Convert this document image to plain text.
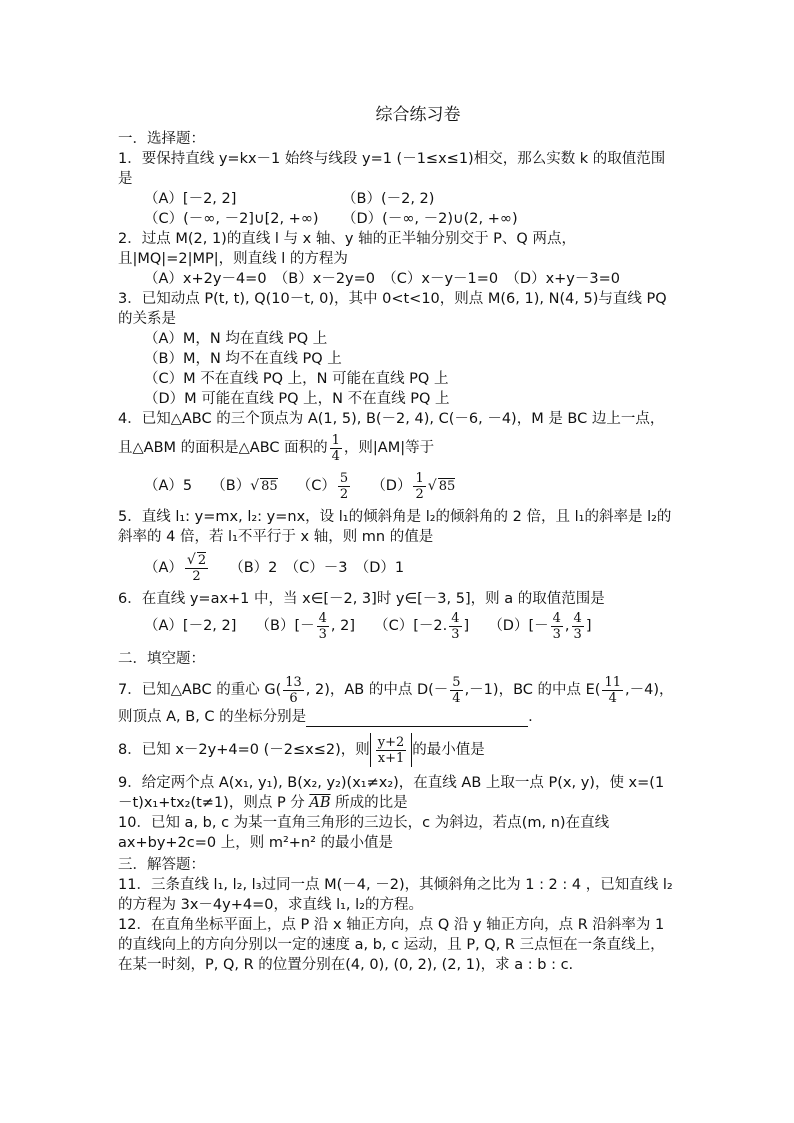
综合练习卷
一．选择题：
1．要保持直线 y=kx－1 始终与线段 y=1 (－1≤x≤1)相交，那么实数 k 的取值范围是
（A）[－2, 2]	（B）(－2, 2)
（C）(－∞, －2]∪[2, +∞) （D）(－∞, －2)∪(2, +∞)
2．过点 M(2, 1)的直线 l 与 x 轴、y 轴的正半轴分别交于 P、Q 两点，且|MQ|=2|MP|，则直线 l 的方程为
（A）x+2y－4=0　（B）x－2y=0　（C）x－y－1=0　（D）x+y－3=0
3．已知动点 P(t, t), Q(10－t, 0)，其中 0<t<10，则点 M(6, 1), N(4, 5)与直线 PQ 的关系是
（A）M，N 均在直线 PQ 上
（B）M，N 均不在直线 PQ 上
（C）M 不在直线 PQ 上，N 可能在直线 PQ 上
（D）M 可能在直线 PQ 上，N 不在直线 PQ 上
4．已知△ABC 的三个顶点为 A(1, 5), B(－2, 4), C(－6, －4)，M 是 BC 边上一点，
且△ABM 的面积是△ABC 面积的 $\frac{1}{4}$ ，则|AM|等于
（A）5　 （B）√ 85　 $(C) \frac{5}{2}$
　 $(D) \frac{1}{2}$ √ 85
5．直线 l₁: y=mx, l₂: y=nx，设 l₁的倾斜角是 l₂的倾斜角的 2 倍，且 l₁的斜率是 l₂的斜率的 4 倍，若 l₁不平行于 x 轴，则 mn 的值是
$(A) \frac{√ 2}{2}$
　 （B）2　（C）－3　（D）1
6．在直线 y=ax+1 中，当 x∈[－2, 3]时 y∈[－3, 5]，则 a 的取值范围是
（A）[－2, 2]　 $(B)[- \frac{4}{3}$ , 2]　 （C）[－2. $\frac{4}{3}$ ]　 $(D)[- \frac{4}{3}$ , $\frac{4}{3}$ ]
二．填空题：
7．已知△ABC 的重心 $G( \frac{13}{6}$ , 2)，AB 的中点 $D(- \frac{5}{4} ,-1)$，BC 的中点 $E( \frac{11}{4} ,-4)$，
则顶点 A, B, C 的坐标分别是	.
8．已知 x－2y+4=0 (－2≤x≤2)，则 $\frac{y+2}{x+1}$ 的最小值是
9．给定两个点 A(x₁, y₁), B(x₂, y₂)(x₁≠x₂)，在直线 AB 上取一点 P(x, y)，使 x=(1－t)x₁+tx₂(t≠1)，则点 P 分 $\overline{AB}$ 所成的比是
10．已知 a, b, c 为某一直角三角形的三边长，c 为斜边，若点(m, n)在直线 ax+by+2c=0 上，则 m²+n² 的最小值是
三．解答题：
11．三条直线 l₁, l₂, l₃过同一点 M(－4, －2)，其倾斜角之比为 1 : 2 : 4 ，已知直线 l₂的方程为 3x－4y+4=0，求直线 l₁, l₂的方程。
12．在直角坐标平面上，点 P 沿 x 轴正方向，点 Q 沿 y 轴正方向，点 R 沿斜率为 1 的直线向上的方向分别以一定的速度 a, b, c 运动，且 P, Q, R 三点恒在一条直线上，在某一时刻，P, Q, R 的位置分别在(4, 0), (0, 2), (2, 1)，求 a : b : c.
